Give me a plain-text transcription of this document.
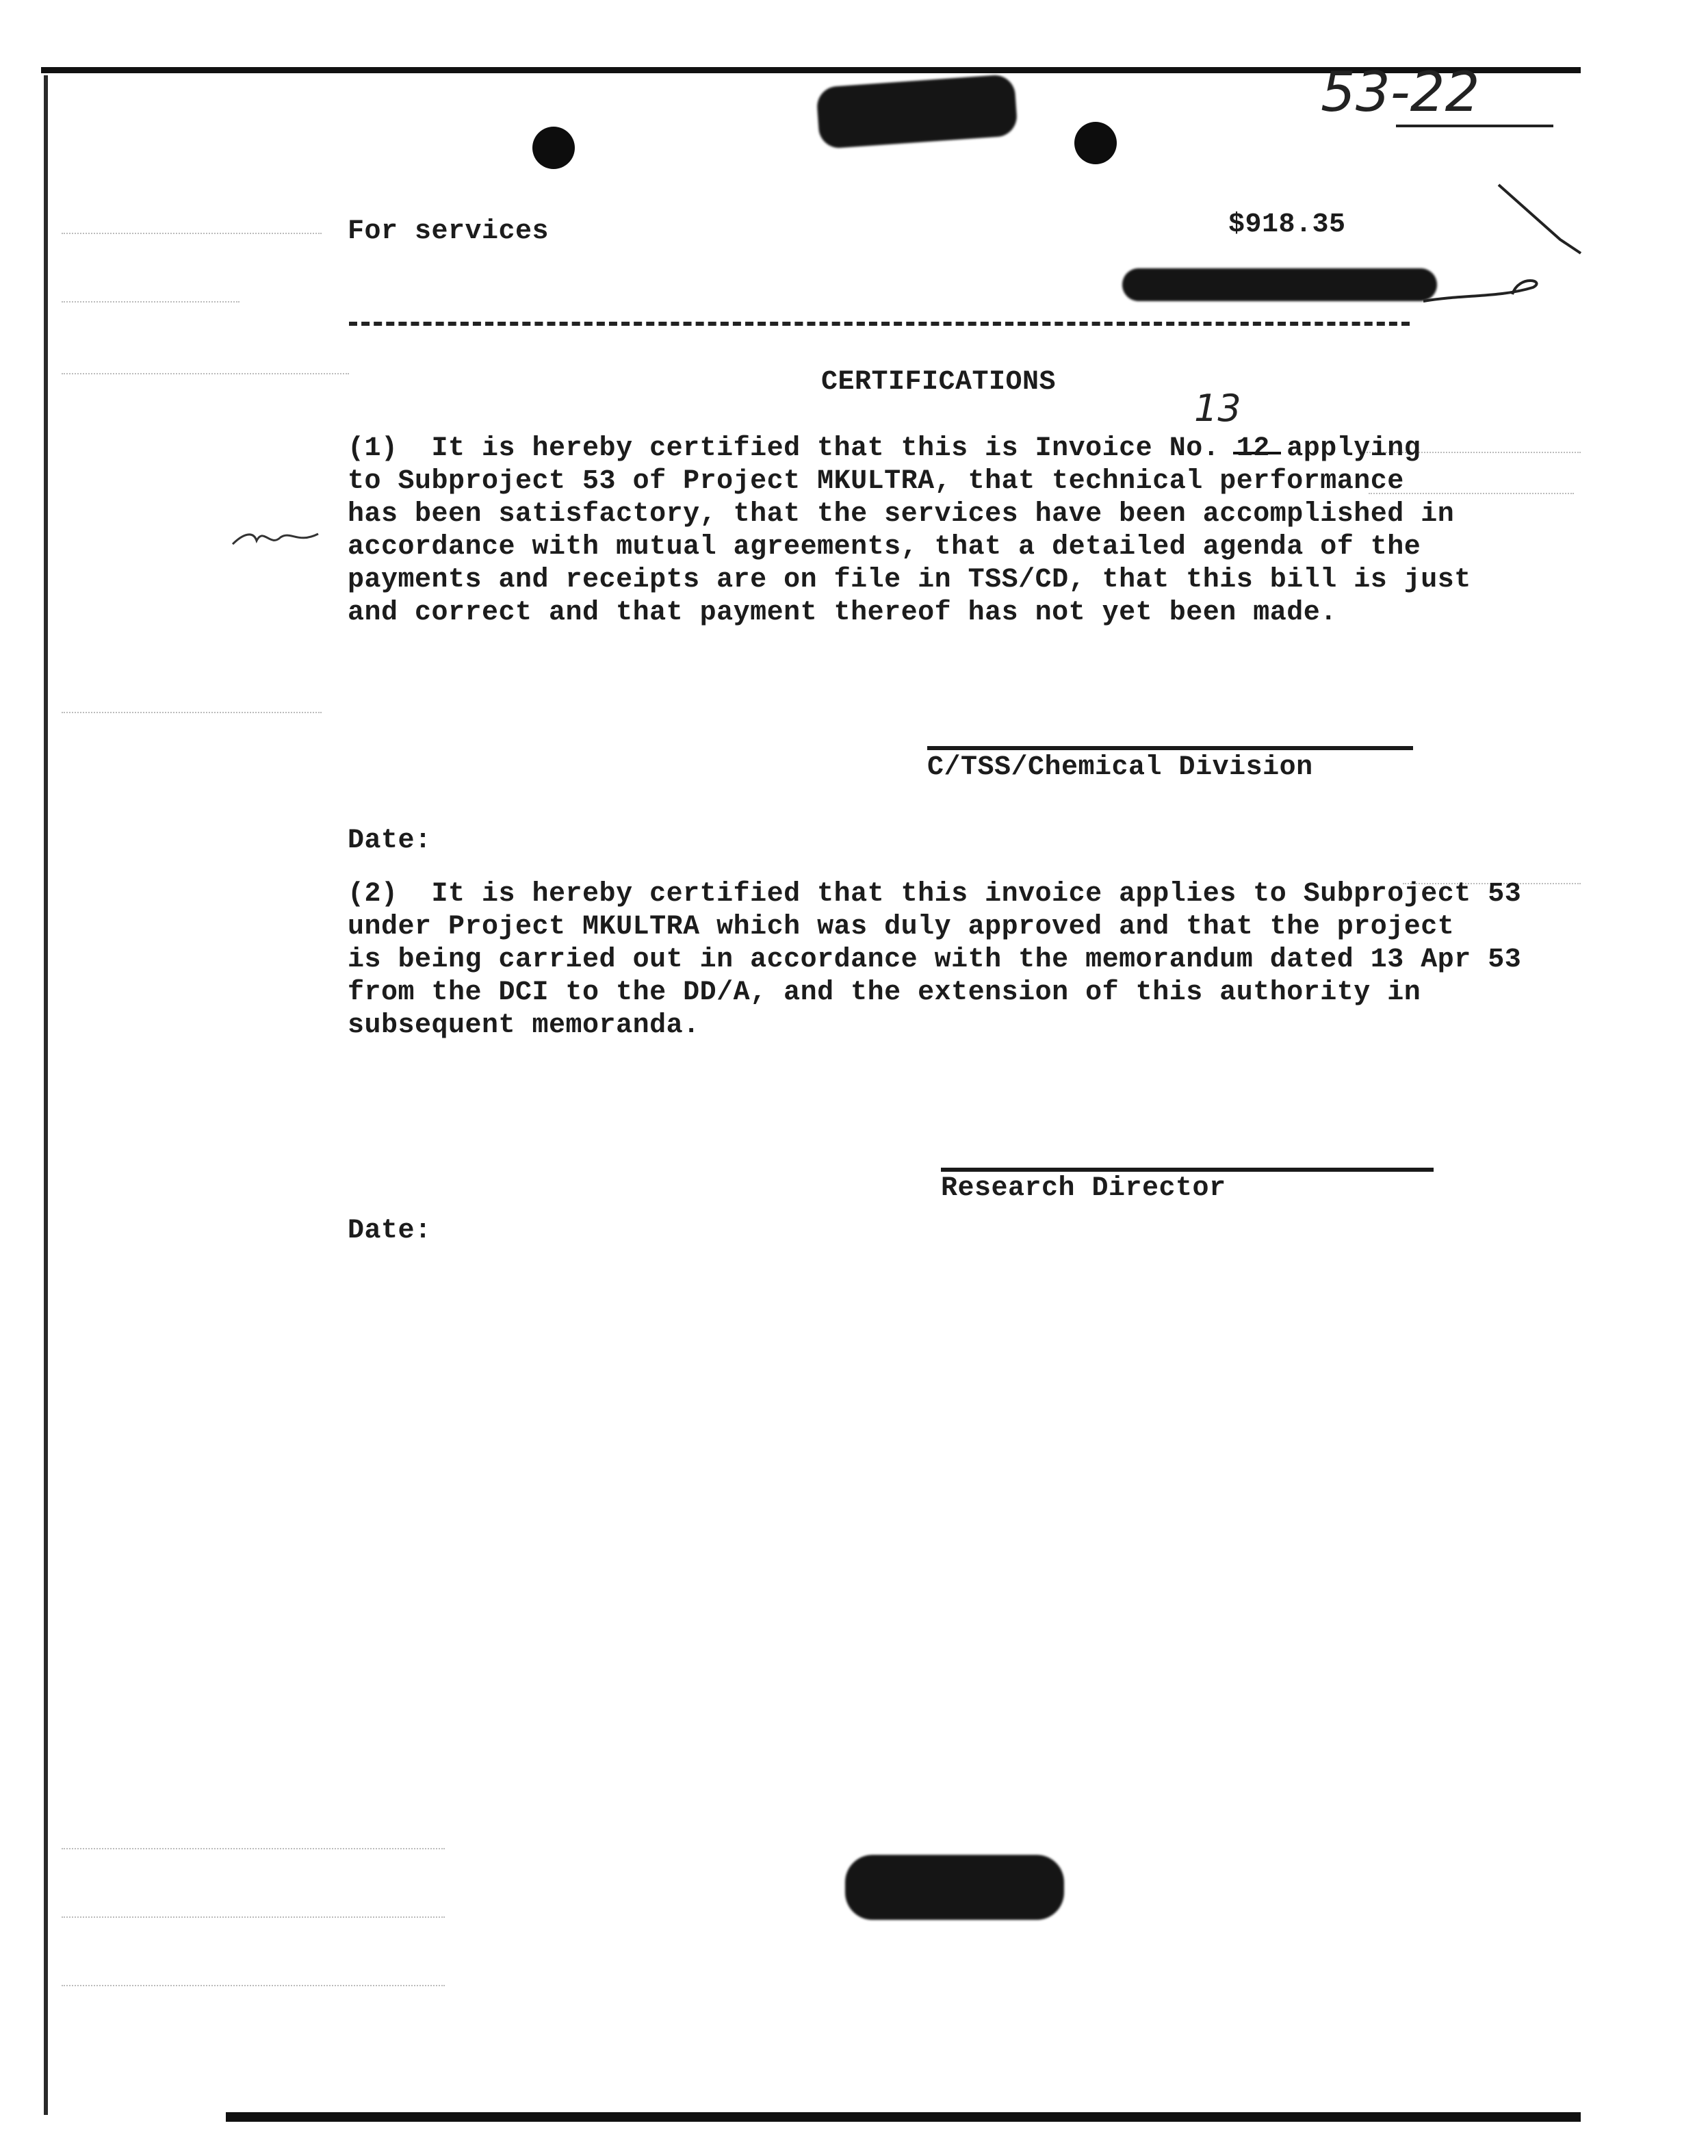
53-22
For services	$918.35
CERTIFICATIONS
13
(1)  It is hereby certified that this is Invoice No. 12 applying
to Subproject 53 of Project MKULTRA, that technical performance
has been satisfactory, that the services have been accomplished in
accordance with mutual agreements, that a detailed agenda of the
payments and receipts are on file in TSS/CD, that this bill is just
and correct and that payment thereof has not yet been made.
C/TSS/Chemical Division
Date:
(2)  It is hereby certified that this invoice applies to Subproject 53
under Project MKULTRA which was duly approved and that the project
is being carried out in accordance with the memorandum dated 13 Apr 53
from the DCI to the DD/A, and the extension of this authority in
subsequent memoranda.
Research Director
Date:
